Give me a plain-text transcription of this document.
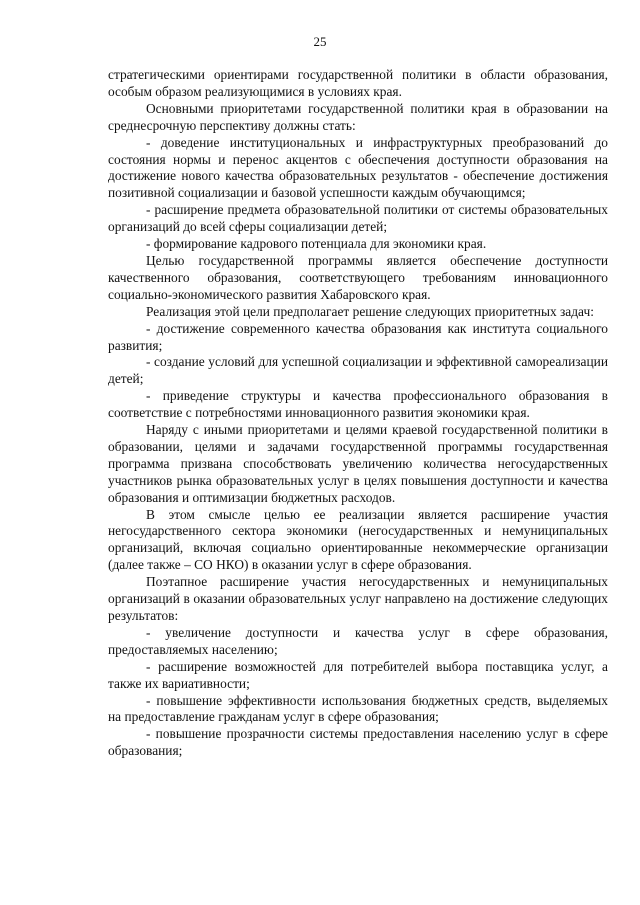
25

стратегическими ориентирами государственной политики в области образования, особым образом реализующимися в условиях края.

Основными приоритетами государственной политики края в образовании на среднесрочную перспективу должны стать:

- доведение институциональных и инфраструктурных преобразований до состояния нормы и перенос акцентов с обеспечения доступности образования на достижение нового качества образовательных результатов - обеспечение достижения позитивной социализации и базовой успешности каждым обучающимся;

- расширение предмета образовательной политики от системы образовательных организаций до всей сферы социализации детей;

- формирование кадрового потенциала для экономики края.

Целью государственной программы является обеспечение доступности качественного образования, соответствующего требованиям инновационного социально-экономического развития Хабаровского края.

Реализация этой цели предполагает решение следующих приоритетных задач:

- достижение современного качества образования как института социального развития;

- создание условий для успешной социализации и эффективной самореализации детей;

- приведение структуры и качества профессионального образования в соответствие с потребностями инновационного развития экономики края.

Наряду с иными приоритетами и целями краевой государственной политики в образовании, целями и задачами государственной программы государственная программа призвана способствовать увеличению количества негосударственных участников рынка образовательных услуг в целях повышения доступности и качества образования и оптимизации бюджетных расходов.

В этом смысле целью ее реализации является расширение участия негосударственного сектора экономики (негосударственных и немуниципальных организаций, включая социально ориентированные некоммерческие организации (далее также – СО НКО) в оказании услуг в сфере образования.

Поэтапное расширение участия негосударственных и немуниципальных организаций в оказании образовательных услуг направлено на достижение следующих результатов:

- увеличение доступности и качества услуг в сфере образования, предоставляемых населению;

- расширение возможностей для потребителей выбора поставщика услуг, а также их вариативности;

- повышение эффективности использования бюджетных средств, выделяемых на предоставление гражданам услуг в сфере образования;

- повышение прозрачности системы предоставления населению услуг в сфере образования;
